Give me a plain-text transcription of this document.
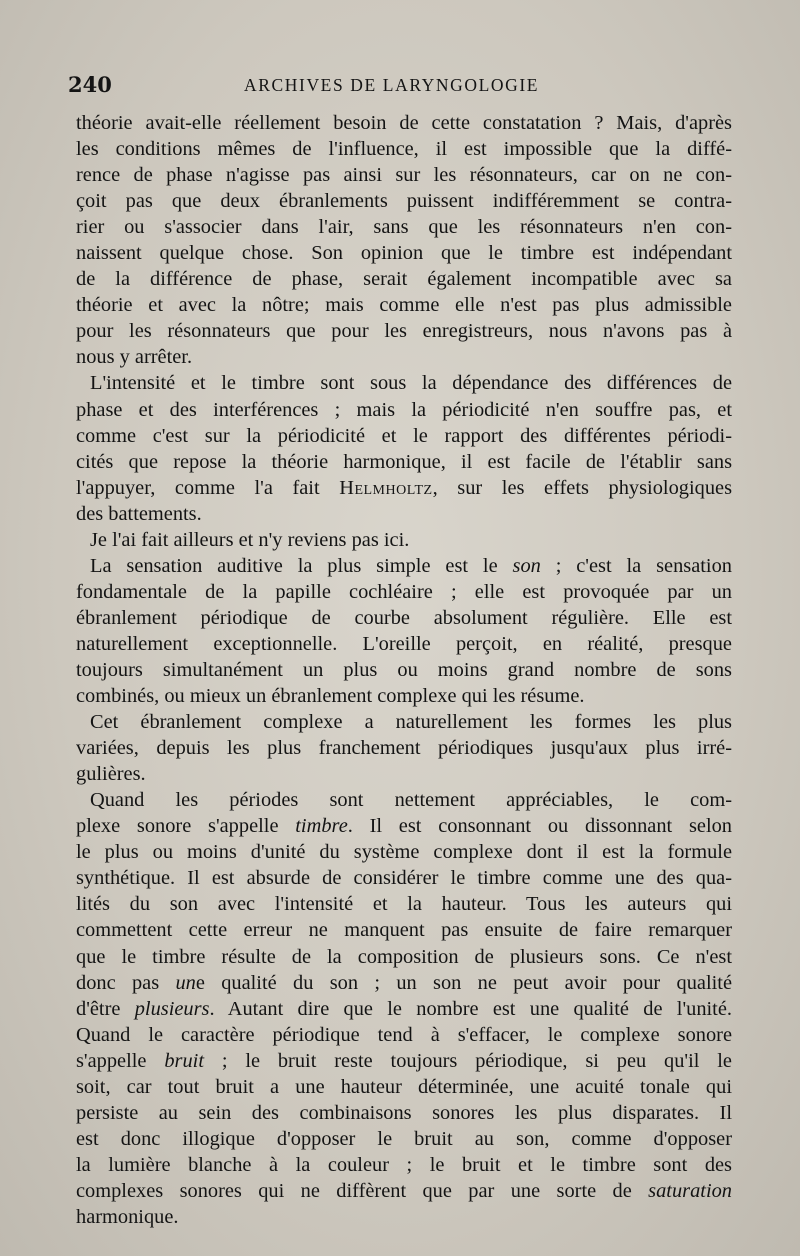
240	ARCHIVES DE LARYNGOLOGIE
théorie avait-elle réellement besoin de cette constatation ? Mais, d'après
les conditions mêmes de l'influence, il est impossible que la diffé-
rence de phase n'agisse pas ainsi sur les résonnateurs, car on ne con-
çoit pas que deux ébranlements puissent indifféremment se contra-
rier ou s'associer dans l'air, sans que les résonnateurs n'en con-
naissent quelque chose. Son opinion que le timbre est indépendant
de la différence de phase, serait également incompatible avec sa
théorie et avec la nôtre; mais comme elle n'est pas plus admissible
pour les résonnateurs que pour les enregistreurs, nous n'avons pas à
nous y arrêter.
L'intensité et le timbre sont sous la dépendance des différences de
phase et des interférences ; mais la périodicité n'en souffre pas, et
comme c'est sur la périodicité et le rapport des différentes périodi-
cités que repose la théorie harmonique, il est facile de l'établir sans
l'appuyer, comme l'a fait Helmholtz, sur les effets physiologiques
des battements.
Je l'ai fait ailleurs et n'y reviens pas ici.
La sensation auditive la plus simple est le son ; c'est la sensation
fondamentale de la papille cochléaire ; elle est provoquée par un
ébranlement périodique de courbe absolument régulière. Elle est
naturellement exceptionnelle. L'oreille perçoit, en réalité, presque
toujours simultanément un plus ou moins grand nombre de sons
combinés, ou mieux un ébranlement complexe qui les résume.
Cet ébranlement complexe a naturellement les formes les plus
variées, depuis les plus franchement périodiques jusqu'aux plus irré-
gulières.
Quand les périodes sont nettement appréciables, le com-
plexe sonore s'appelle timbre. Il est consonnant ou dissonnant selon
le plus ou moins d'unité du système complexe dont il est la formule
synthétique. Il est absurde de considérer le timbre comme une des qua-
lités du son avec l'intensité et la hauteur. Tous les auteurs qui
commettent cette erreur ne manquent pas ensuite de faire remarquer
que le timbre résulte de la composition de plusieurs sons. Ce n'est
donc pas une qualité du son ; un son ne peut avoir pour qualité
d'être plusieurs. Autant dire que le nombre est une qualité de l'unité.
Quand le caractère périodique tend à s'effacer, le complexe sonore
s'appelle bruit ; le bruit reste toujours périodique, si peu qu'il le
soit, car tout bruit a une hauteur déterminée, une acuité tonale qui
persiste au sein des combinaisons sonores les plus disparates. Il
est donc illogique d'opposer le bruit au son, comme d'opposer
la lumière blanche à la couleur ; le bruit et le timbre sont des
complexes sonores qui ne diffèrent que par une sorte de saturation
harmonique.
